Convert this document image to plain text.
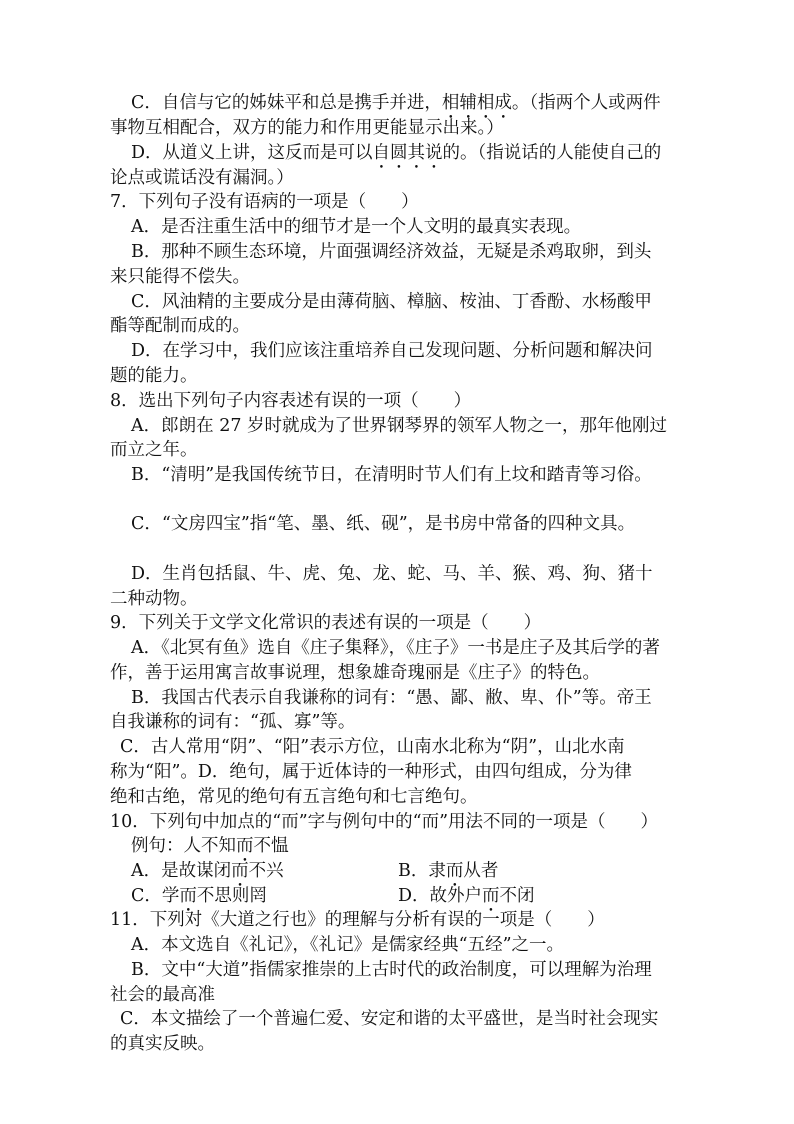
C．自信与它的姊妹平和总是携手并进，相辅相成。（指两个人或两件
事物互相配合，双方的能力和作用更能显示出来。）
D．从道义上讲，这反而是可以自圆其说的。（指说话的人能使自己的
论点或谎话没有漏洞。）
7．下列句子没有语病的一项是（　　）
A．是否注重生活中的细节才是一个人文明的最真实表现。
B．那种不顾生态环境，片面强调经济效益，无疑是杀鸡取卵，到头
来只能得不偿失。
C．风油精的主要成分是由薄荷脑、樟脑、桉油、丁香酚、水杨酸甲
酯等配制而成的。
D．在学习中，我们应该注重培养自己发现问题、分析问题和解决问
题的能力。
8．选出下列句子内容表述有误的一项（　　）
A．郎朗在 27 岁时就成为了世界钢琴界的领军人物之一，那年他刚过
而立之年。
B．“清明”是我国传统节日，在清明时节人们有上坟和踏青等习俗。
C．“文房四宝”指“笔、墨、纸、砚”，是书房中常备的四种文具。
D．生肖包括鼠、牛、虎、兔、龙、蛇、马、羊、猴、鸡、狗、猪十
二种动物。
9．下列关于文学文化常识的表述有误的一项是（　　）
A．《北冥有鱼》选自《庄子集释》，《庄子》一书是庄子及其后学的著
作，善于运用寓言故事说理，想象雄奇瑰丽是《庄子》的特色。
B．我国古代表示自我谦称的词有：“愚、鄙、敝、卑、仆”等。帝王
自我谦称的词有：“孤、寡”等。
C．古人常用“阴”、“阳”表示方位，山南水北称为“阴”，山北水南
称为“阳”。D．绝句，属于近体诗的一种形式，由四句组成，分为律
绝和古绝，常见的绝句有五言绝句和七言绝句。
10．下列句中加点的“而”字与例句中的“而”用法不同的一项是（　　）
例句：人不知而不愠
A．是故谋闭而不兴	B．隶而从者
C．学而不思则罔	D．故外户而不闭
11．下列对《大道之行也》的理解与分析有误的一项是（　　）
A．本文选自《礼记》，《礼记》是儒家经典“五经”之一。
B．文中“大道”指儒家推崇的上古时代的政治制度，可以理解为治理
社会的最高准
C．本文描绘了一个普遍仁爱、安定和谐的太平盛世，是当时社会现实
的真实反映。
